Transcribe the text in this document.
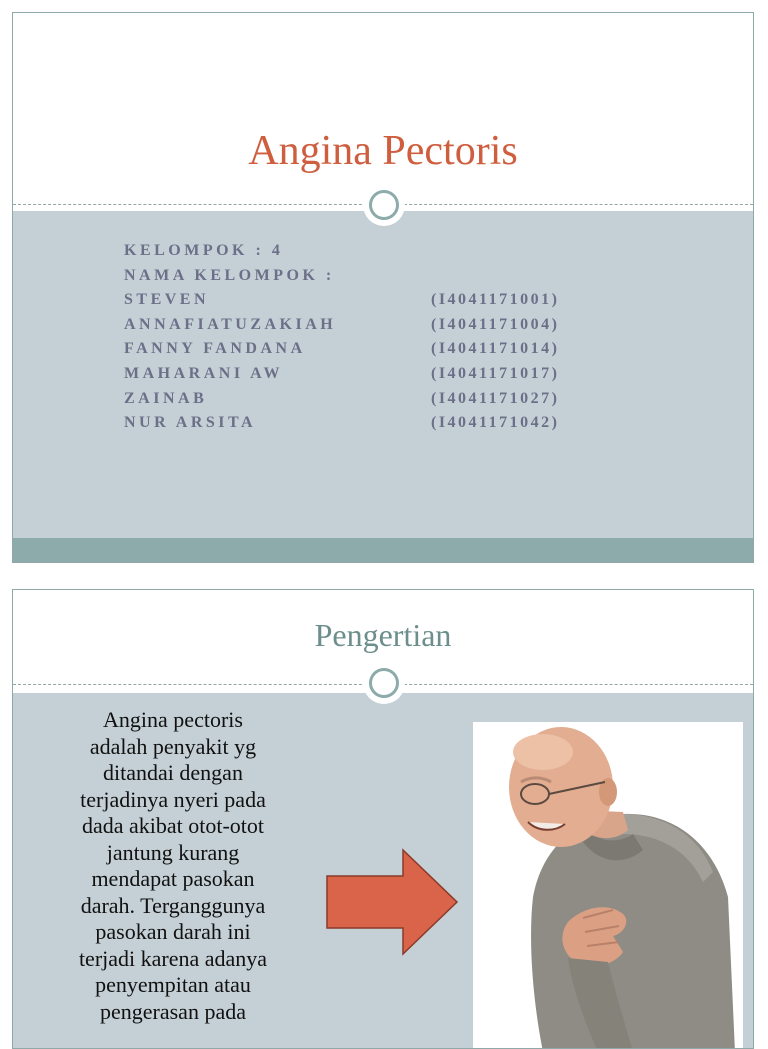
Angina Pectoris
KELOMPOK : 4
NAMA KELOMPOK :
STEVEN	(I4041171001)
ANNAFIATUZAKIAH	(I4041171004)
FANNY FANDANA	(I4041171014)
MAHARANI AW	(I4041171017)
ZAINAB	(I4041171027)
NUR ARSITA	(I4041171042)
Pengertian
Angina pectoris
adalah penyakit yg
ditandai dengan
terjadinya nyeri pada
dada akibat otot-otot
jantung kurang
mendapat pasokan
darah. Terganggunya
pasokan darah ini
terjadi karena adanya
penyempitan atau
pengerasan pada
